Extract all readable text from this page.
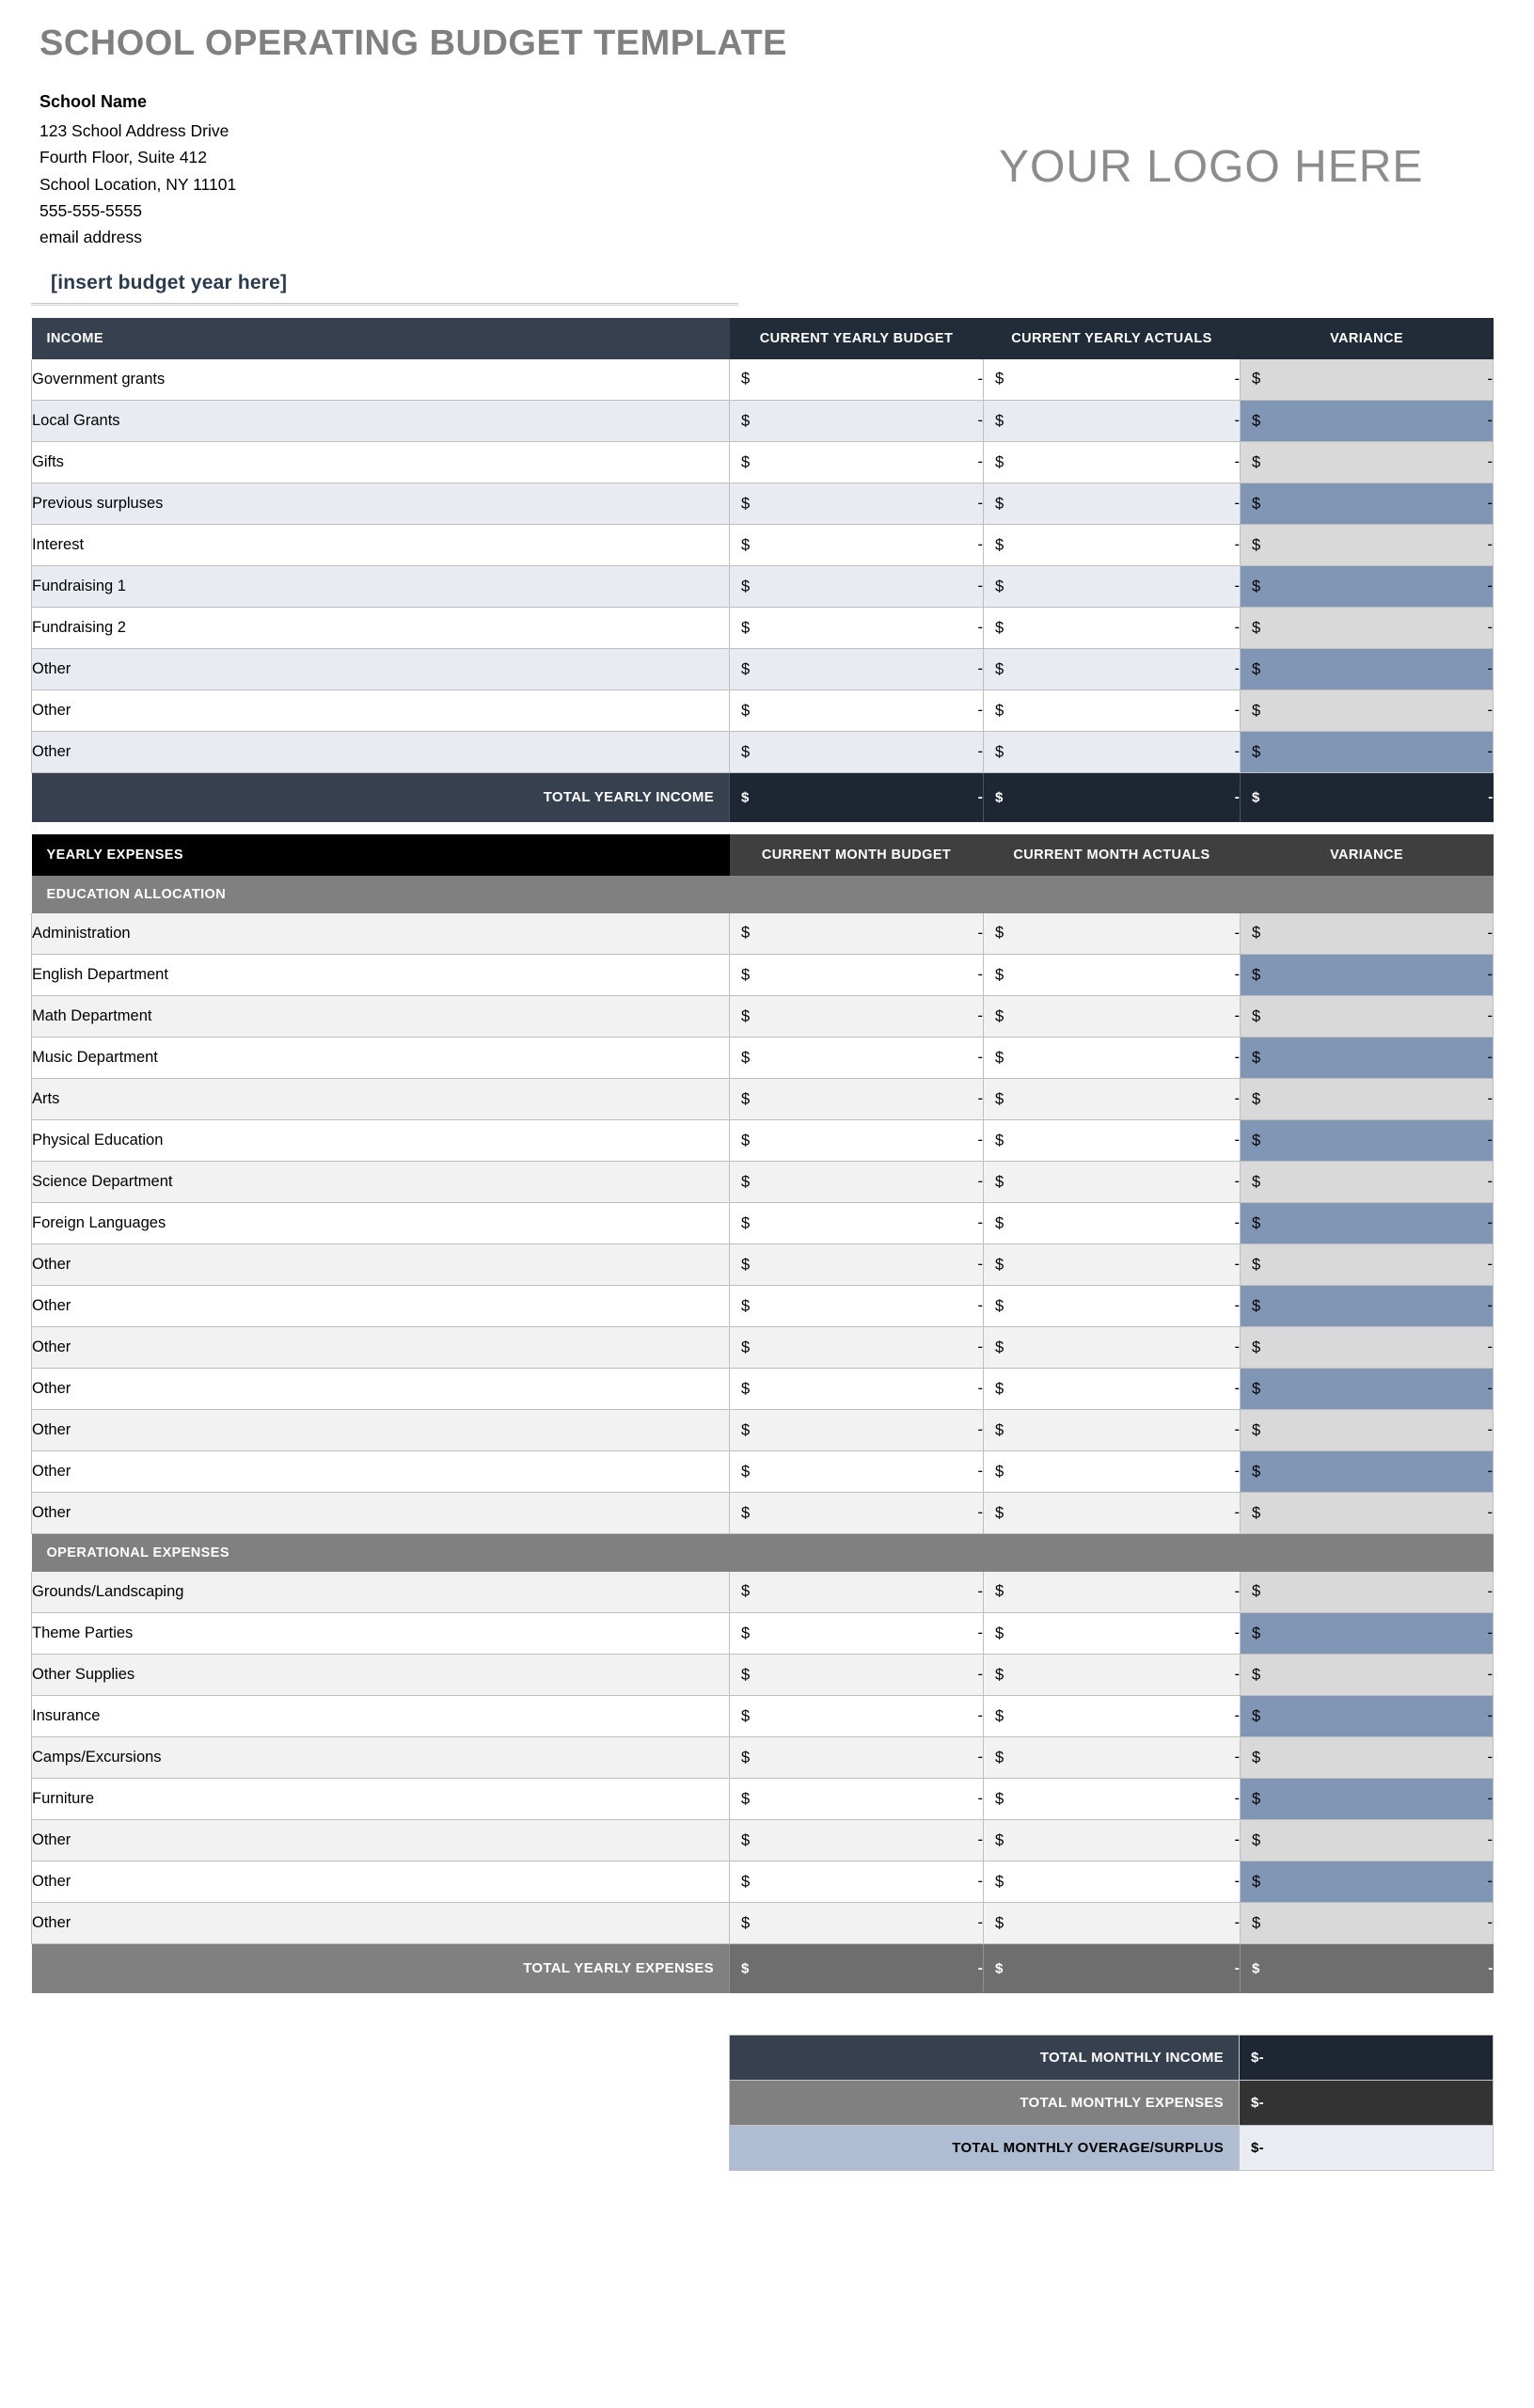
SCHOOL OPERATING BUDGET TEMPLATE
School Name
123 School Address Drive
Fourth Floor, Suite 412
School Location, NY 11101
555-555-5555
email address
YOUR LOGO HERE
[insert budget year here]
INCOME	CURRENT YEARLY BUDGET	CURRENT YEARLY ACTUALS	VARIANCE
Government grants	$ -	$ -	$ -

Local Grants	$ -	$ -	$ -

Gifts	$ -	$ -	$ -

Previous surpluses	$ -	$ -	$ -

Interest	$ -	$ -	$ -

Fundraising 1	$ -	$ -	$ -

Fundraising 2	$ -	$ -	$ -

Other	$ -	$ -	$ -

Other	$ -	$ -	$ -

Other	$ -	$ -	$ -

TOTAL YEARLY INCOME	$ -	$ -	$ -
YEARLY EXPENSES	CURRENT MONTH BUDGET	CURRENT MONTH ACTUALS	VARIANCE
EDUCATION ALLOCATION			
Administration	$ -	$ -	$ -

English Department	$ -	$ -	$ -

Math Department	$ -	$ -	$ -

Music Department	$ -	$ -	$ -

Arts	$ -	$ -	$ -

Physical Education	$ -	$ -	$ -

Science Department	$ -	$ -	$ -

Foreign Languages	$ -	$ -	$ -

Other	$ -	$ -	$ -

Other	$ -	$ -	$ -

Other	$ -	$ -	$ -

Other	$ -	$ -	$ -

Other	$ -	$ -	$ -

Other	$ -	$ -	$ -

Other	$ -	$ -	$ -

OPERATIONAL EXPENSES			
Grounds/Landscaping	$ -	$ -	$ -

Theme Parties	$ -	$ -	$ -

Other Supplies	$ -	$ -	$ -

Insurance	$ -	$ -	$ -

Camps/Excursions	$ -	$ -	$ -

Furniture	$ -	$ -	$ -

Other	$ -	$ -	$ -

Other	$ -	$ -	$ -

Other	$ -	$ -	$ -

TOTAL YEARLY EXPENSES	$ -	$ -	$ -
TOTAL MONTHLY INCOME	$-
TOTAL MONTHLY EXPENSES	$-
TOTAL MONTHLY OVERAGE/SURPLUS	$-
